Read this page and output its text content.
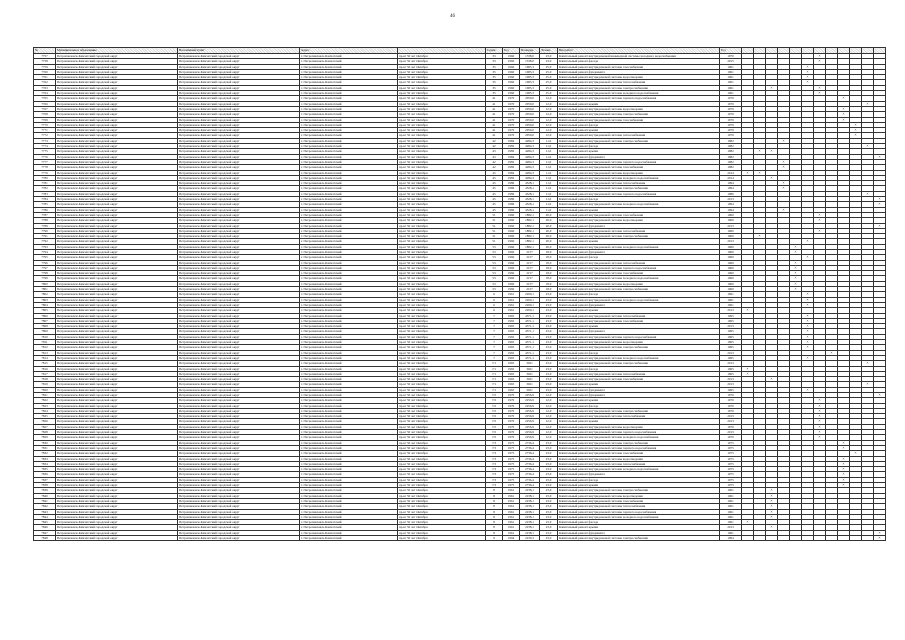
46
№	Муниципальное образование	Населённый пункт	Адрес		Серия	Год	Площадь	Этажн.	Вид работ	Год												
7757	Петропавловск-Камчатский городской округ	Петропавловск-Камчатский городской округ	г. Петропавловск-Камчатский	пр-кт 50 лет Октября	33	1960	1338,0	23,0	Капитальный ремонт внутридомовой инженерной системы холодного водоснабжения	1970							×					
7758	Петропавловск-Камчатский городской округ	Петропавловск-Камчатский городской округ	г. Петропавловск-Камчатский	пр-кт 50 лет Октября	33	1960	1338,0	23,0	Капитальный ремонт фасада	2015							×					
7759	Петропавловск-Камчатский городской округ	Петропавловск-Камчатский городской округ	г. Петропавловск-Камчатский	пр-кт 50 лет Октября	35	1960	1685,3	25,0	Капитальный ремонт внутридомовой системы газоснабжения	1961						×						
7760	Петропавловск-Камчатский городской округ	Петропавловск-Камчатский городской округ	г. Петропавловск-Камчатский	пр-кт 50 лет Октября	35	1960	1685,3	25,0	Капитальный ремонт фундамента	1961						×						
7761	Петропавловск-Камчатский городской округ	Петропавловск-Камчатский городской округ	г. Петропавловск-Камчатский	пр-кт 50 лет Октября	35	1960	1685,3	25,0	Капитальный ремонт внутридомовой системы водоотведения	1961						×						
7762	Петропавловск-Камчатский городской округ	Петропавловск-Камчатский городской округ	г. Петропавловск-Камчатский	пр-кт 50 лет Октября	35	1960	1685,3	25,0	Капитальный ремонт внутридомовой системы теплоснабжения	1961						×						
7763	Петропавловск-Камчатский городской округ	Петропавловск-Камчатский городской округ	г. Петропавловск-Камчатский	пр-кт 50 лет Октября	35	1960	1685,3	25,0	Капитальный ремонт внутридомовой системы электроснабжения	1961			×				×					
7764	Петропавловск-Камчатский городской округ	Петропавловск-Камчатский городской округ	г. Петропавловск-Камчатский	пр-кт 50 лет Октября	35	1960	1685,3	25,0	Капитальный ремонт внутридомовой системы холодного водоснабжения	1961							×					
7765	Петропавловск-Камчатский городской округ	Петропавловск-Камчатский городской округ	г. Петропавловск-Камчатский	пр-кт 50 лет Октября	41	1970	2050,0	12,0	Капитальный ремонт внутридомовой системы горячего водоснабжения	1979									×			
7766	Петропавловск-Камчатский городской округ	Петропавловск-Камчатский городской округ	г. Петропавловск-Камчатский	пр-кт 50 лет Октября	41	1970	2050,0	12,0	Капитальный ремонт крыши	1979											×	
7767	Петропавловск-Камчатский городской округ	Петропавловск-Камчатский городской округ	г. Петропавловск-Камчатский	пр-кт 50 лет Октября	41	1970	2050,0	12,0	Капитальный ремонт внутридомовой системы водоотведения	1979									×			
7768	Петропавловск-Камчатский городской округ	Петропавловск-Камчатский городской округ	г. Петропавловск-Камчатский	пр-кт 50 лет Октября	41	1970	2050,0	12,0	Капитальный ремонт внутридомовой системы электроснабжения	1979									×			
7769	Петропавловск-Камчатский городской округ	Петропавловск-Камчатский городской округ	г. Петропавловск-Камчатский	пр-кт 50 лет Октября	41	1970	2050,0	12,0	Капитальный ремонт внутридомовой системы газоснабжения	1979									×			
7770	Петропавловск-Камчатский городской округ	Петропавловск-Камчатский городской округ	г. Петропавловск-Камчатский	пр-кт 50 лет Октября	41	1970	2050,0	12,0	Капитальный ремонт фасада	1979										×		
7771	Петропавловск-Камчатский городской округ	Петропавловск-Камчатский городской округ	г. Петропавловск-Камчатский	пр-кт 50 лет Октября	41	1970	2050,0	12,0	Капитальный ремонт крыши	1979										×		
7772	Петропавловск-Камчатский городской округ	Петропавловск-Камчатский городской округ	г. Петропавловск-Камчатский	пр-кт 50 лет Октября	41	1970	2050,0	12,0	Капитальный ремонт внутридомовой системы теплоснабжения	1979										×		
7773	Петропавловск-Камчатский городской округ	Петропавловск-Камчатский городской округ	г. Петропавловск-Камчатский	пр-кт 50 лет Октября	42	1982	4284,3	11,0	Капитальный ремонт внутридомовой системы электроснабжения	1982				×								
7774	Петропавловск-Камчатский городской округ	Петропавловск-Камчатский городской округ	г. Петропавловск-Камчатский	пр-кт 50 лет Октября	42	1982	4284,3	11,0	Капитальный ремонт фасада	1982											×	
7775	Петропавловск-Камчатский городской округ	Петропавловск-Камчатский городской округ	г. Петропавловск-Камчатский	пр-кт 50 лет Октября	43	1982	4284,3	11,0	Капитальный ремонт крыши	1982		×	×									
7776	Петропавловск-Камчатский городской округ	Петропавловск-Камчатский городской округ	г. Петропавловск-Камчатский	пр-кт 50 лет Октября	43	1982	4284,3	11,0	Капитальный ремонт фундамента	1982												×
7777	Петропавловск-Камчатский городской округ	Петропавловск-Камчатский городской округ	г. Петропавловск-Камчатский	пр-кт 50 лет Октября	42	1982	4284,3	11,0	Капитальный ремонт внутридомовой системы горячего водоснабжения	1982				×								
7778	Петропавловск-Камчатский городской округ	Петропавловск-Камчатский городской округ	г. Петропавловск-Камчатский	пр-кт 50 лет Октября	42	1982	4284,3	11,0	Капитальный ремонт внутридомовой системы газоснабжения	1982				×								
7779	Петропавловск-Камчатский городской округ	Петропавловск-Камчатский городской округ	г. Петропавловск-Камчатский	пр-кт 50 лет Октября	45	1982	4284,3	11,0	Капитальный ремонт внутридомовой системы водоотведения	2014	×	×										
7780	Петропавловск-Камчатский городской округ	Петропавловск-Камчатский городской округ	г. Петропавловск-Камчатский	пр-кт 50 лет Октября	45	1982	4284,3	11,0	Капитальный ремонт внутридомовой системы холодного водоснабжения	2014			×									
7781	Петропавловск-Камчатский городской округ	Петропавловск-Камчатский городской округ	г. Петропавловск-Камчатский	пр-кт 50 лет Октября	45	1986	4528,1	11,0	Капитальный ремонт внутридомовой системы теплоснабжения	1994				×								
7782	Петропавловск-Камчатский городской округ	Петропавловск-Камчатский городской округ	г. Петропавловск-Камчатский	пр-кт 50 лет Октября	45	1986	4528,1	11,0	Капитальный ремонт внутридомовой системы электроснабжения	1994				×								
7783	Петропавловск-Камчатский городской округ	Петропавловск-Камчатский городской округ	г. Петропавловск-Камчатский	пр-кт 50 лет Октября	45	1986	4528,1	11,0	Капитальный ремонт внутридомовой системы горячего водоснабжения	1986											×	
7784	Петропавловск-Камчатский городской округ	Петропавловск-Камчатский городской округ	г. Петропавловск-Камчатский	пр-кт 50 лет Октября	45	1986	4528,1	11,0	Капитальный ремонт фасада	2013												×
7785	Петропавловск-Камчатский городской округ	Петропавловск-Камчатский городской округ	г. Петропавловск-Камчатский	пр-кт 50 лет Октября	45	1986	4528,1	11,0	Капитальный ремонт внутридомовой системы холодного водоснабжения	1994												×
7786	Петропавловск-Камчатский городской округ	Петропавловск-Камчатский городской округ	г. Петропавловск-Камчатский	пр-кт 50 лет Октября	45	1986	4528,1	11,0	Капитальный ремонт крыши	1994				×								
7787	Петропавловск-Камчатский городской округ	Петропавловск-Камчатский городской округ	г. Петропавловск-Камчатский	пр-кт 50 лет Октября	51	1960	1882,1	20,0	Капитальный ремонт внутридомовой системы газоснабжения	1960							×					
7788	Петропавловск-Камчатский городской округ	Петропавловск-Камчатский городской округ	г. Петропавловск-Камчатский	пр-кт 50 лет Октября	51	1960	1882,1	20,0	Капитальный ремонт внутридомовой системы водоотведения	1960							×					
7789	Петропавловск-Камчатский городской округ	Петропавловск-Камчатский городской округ	г. Петропавловск-Камчатский	пр-кт 50 лет Октября	51	1960	1882,1	20,0	Капитальный ремонт фундамента	2013												×
7790	Петропавловск-Камчатский городской округ	Петропавловск-Камчатский городской округ	г. Петропавловск-Камчатский	пр-кт 50 лет Октября	51	1960	1882,1	20,0	Капитальный ремонт внутридомовой системы теплоснабжения	1960							×					
7791	Петропавловск-Камчатский городской округ	Петропавловск-Камчатский городской округ	г. Петропавловск-Камчатский	пр-кт 50 лет Октября	51	1960	1882,1	20,0	Капитальный ремонт внутридомовой системы электроснабжения	1960		×										
7792	Петропавловск-Камчатский городской округ	Петропавловск-Камчатский городской округ	г. Петропавловск-Камчатский	пр-кт 50 лет Октября	51	1960	1882,1	20,0	Капитальный ремонт крыши	2013						×						
7793	Петропавловск-Камчатский городской округ	Петропавловск-Камчатский городской округ	г. Петропавловск-Камчатский	пр-кт 50 лет Октября	53	1960	1882,1	20,0	Капитальный ремонт внутридомовой системы холодного водоснабжения	1960					×							
7794	Петропавловск-Камчатский городской округ	Петропавловск-Камчатский городской округ	г. Петропавловск-Камчатский	пр-кт 50 лет Октября	53	1960	2157	18,0	Капитальный ремонт фундамента	1960					×							
7795	Петропавловск-Камчатский городской округ	Петропавловск-Камчатский городской округ	г. Петропавловск-Камчатский	пр-кт 50 лет Октября	53	1960	2157	18,0	Капитальный ремонт фасада	1960						×						
7796	Петропавловск-Камчатский городской округ	Петропавловск-Камчатский городской округ	г. Петропавловск-Камчатский	пр-кт 50 лет Октября	53	1960	2157	18,0	Капитальный ремонт внутридомовой системы теплоснабжения	1960					×							
7797	Петропавловск-Камчатский городской округ	Петропавловск-Камчатский городской округ	г. Петропавловск-Камчатский	пр-кт 50 лет Октября	53	1960	2157	18,0	Капитальный ремонт внутридомовой системы горячего водоснабжения	1960					×							
7798	Петропавловск-Камчатский городской округ	Петропавловск-Камчатский городской округ	г. Петропавловск-Камчатский	пр-кт 50 лет Октября	53	1960	2157	18,0	Капитальный ремонт внутридомовой системы газоснабжения	1960					×							
7799	Петропавловск-Камчатский городской округ	Петропавловск-Камчатский городской округ	г. Петропавловск-Камчатский	пр-кт 50 лет Октября	53	1960	2157	18,0	Капитальный ремонт внутридомовой системы холодного водоснабжения	1960					×							
7800	Петропавловск-Камчатский городской округ	Петропавловск-Камчатский городской округ	г. Петропавловск-Камчатский	пр-кт 50 лет Октября	53	1960	2157	18,0	Капитальный ремонт внутридомовой системы водоотведения	1960					×							
7801	Петропавловск-Камчатский городской округ	Петропавловск-Камчатский городской округ	г. Петропавловск-Камчатский	пр-кт 50 лет Октября	53	1960	2157	18,0	Капитальный ремонт внутридомовой системы электроснабжения	1960					×							
7802	Петропавловск-Камчатский городской округ	Петропавловск-Камчатский городской округ	г. Петропавловск-Камчатский	пр-кт 50 лет Октября	6	1961	2200,1	23,0	Капитальный ремонт фасада	1961						×						
7803	Петропавловск-Камчатский городской округ	Петропавловск-Камчатский городской округ	г. Петропавловск-Камчатский	пр-кт 50 лет Октября	6	1961	2200,1	23,0	Капитальный ремонт внутридомовой системы холодного водоснабжения	1961						×						
7804	Петропавловск-Камчатский городской округ	Петропавловск-Камчатский городской округ	г. Петропавловск-Камчатский	пр-кт 50 лет Октября	6	1961	2200,1	23,0	Капитальный ремонт фундамента	1961						×						
7805	Петропавловск-Камчатский городской округ	Петропавловск-Камчатский городской округ	г. Петропавловск-Камчатский	пр-кт 50 лет Октября	6	1961	2200,1	23,0	Капитальный ремонт крыши	2013	×											
7806	Петропавловск-Камчатский городской округ	Петропавловск-Камчатский городской округ	г. Петропавловск-Камчатский	пр-кт 50 лет Октября	7	1965	4371,1	23,0	Капитальный ремонт внутридомовой системы теплоснабжения	1965						×						
7807	Петропавловск-Камчатский городской округ	Петропавловск-Камчатский городской округ	г. Петропавловск-Камчатский	пр-кт 50 лет Октября	7	1965	4371,1	23,0	Капитальный ремонт внутридомовой системы газоснабжения	1965						×						
7808	Петропавловск-Камчатский городской округ	Петропавловск-Камчатский городской округ	г. Петропавловск-Камчатский	пр-кт 50 лет Октября	7	1965	4371,1	23,0	Капитальный ремонт крыши	2013						×						
7809	Петропавловск-Камчатский городской округ	Петропавловск-Камчатский городской округ	г. Петропавловск-Камчатский	пр-кт 50 лет Октября	7	1965	4371,1	23,0	Капитальный ремонт фундамента	1965						×						
7810	Петропавловск-Камчатский городской округ	Петропавловск-Камчатский городской округ	г. Петропавловск-Камчатский	пр-кт 50 лет Октября	7	1965	4371,1	23,0	Капитальный ремонт внутридомовой системы горячего водоснабжения	1965						×						
7811	Петропавловск-Камчатский городской округ	Петропавловск-Камчатский городской округ	г. Петропавловск-Камчатский	пр-кт 50 лет Октября	7	1965	4371,1	23,0	Капитальный ремонт внутридомовой системы водоотведения	1965						×						
7812	Петропавловск-Камчатский городской округ	Петропавловск-Камчатский городской округ	г. Петропавловск-Камчатский	пр-кт 50 лет Октября	7	1965	4371,1	23,0	Капитальный ремонт внутридомовой системы электроснабжения	1965						×						
7813	Петропавловск-Камчатский городской округ	Петропавловск-Камчатский городской округ	г. Петропавловск-Камчатский	пр-кт 50 лет Октября	7	1965	4371,1	23,0	Капитальный ремонт фасада	2013								×				
7814	Петропавловск-Камчатский городской округ	Петропавловск-Камчатский городской округ	г. Петропавловск-Камчатский	пр-кт 50 лет Октября	7	1965	4371,1	23,0	Капитальный ремонт внутридомовой системы холодного водоснабжения	1965						×						
7815	Петропавловск-Камчатский городской округ	Петропавловск-Камчатский городской округ	г. Петропавловск-Камчатский	пр-кт 50 лет Октября	7/1	1965	3021	23,0	Капитальный ремонт внутридомовой системы электроснабжения	2013											×	
7816	Петропавловск-Камчатский городской округ	Петропавловск-Камчатский городской округ	г. Петропавловск-Камчатский	пр-кт 50 лет Октября	7/1	1965	3021	23,0	Капитальный ремонт фасада	1965	×											
7817	Петропавловск-Камчатский городской округ	Петропавловск-Камчатский городской округ	г. Петропавловск-Камчатский	пр-кт 50 лет Октября	7/1	1965	3021	23,0	Капитальный ремонт внутридомовой системы теплоснабжения	1965	×											
7818	Петропавловск-Камчатский городской округ	Петропавловск-Камчатский городской округ	г. Петропавловск-Камчатский	пр-кт 50 лет Октября	7/1	1965	3021	23,0	Капитальный ремонт внутридомовой системы газоснабжения	2013			×									
7819	Петропавловск-Камчатский городской округ	Петропавловск-Камчатский городской округ	г. Петропавловск-Камчатский	пр-кт 50 лет Октября	7/1	1965	3021	23,0	Капитальный ремонт крыши	2013											×	
7820	Петропавловск-Камчатский городской округ	Петропавловск-Камчатский городской округ	г. Петропавловск-Камчатский	пр-кт 50 лет Октября	7/1	1965	3021	23,0	Капитальный ремонт фундамента	1965						×						
7821	Петропавловск-Камчатский городской округ	Петропавловск-Камчатский городской округ	г. Петропавловск-Камчатский	пр-кт 50 лет Октября	7/2	1970	2256,9	12,0	Капитальный ремонт фундамента	1970												×
7822	Петропавловск-Камчатский городской округ	Петропавловск-Камчатский городской округ	г. Петропавловск-Камчатский	пр-кт 50 лет Октября	7/2	1970	2256,9	12,0	Капитальный ремонт крыши	1970							×					
7823	Петропавловск-Камчатский городской округ	Петропавловск-Камчатский городской округ	г. Петропавловск-Камчатский	пр-кт 50 лет Октября	7/2	1970	2256,9	12,0	Капитальный ремонт фасада	1970							×					
7824	Петропавловск-Камчатский городской округ	Петропавловск-Камчатский городской округ	г. Петропавловск-Камчатский	пр-кт 50 лет Октября	7/2	1970	2256,9	12,0	Капитальный ремонт внутридомовой системы электроснабжения	1970							×					
7825	Петропавловск-Камчатский городской округ	Петропавловск-Камчатский городской округ	г. Петропавловск-Камчатский	пр-кт 50 лет Октября	7/2	1970	2256,9	12,0	Капитальный ремонт внутридомовой системы теплоснабжения	2013							×					
7826	Петропавловск-Камчатский городской округ	Петропавловск-Камчатский городской округ	г. Петропавловск-Камчатский	пр-кт 50 лет Октября	7/2	1970	2256,9	12,0	Капитальный ремонт крыши	2013							×					
7827	Петропавловск-Камчатский городской округ	Петропавловск-Камчатский городской округ	г. Петропавловск-Камчатский	пр-кт 50 лет Октября	7/2	1970	2256,9	12,0	Капитальный ремонт внутридомовой системы водоотведения	1970							×					
7828	Петропавловск-Камчатский городской округ	Петропавловск-Камчатский городской округ	г. Петропавловск-Камчатский	пр-кт 50 лет Октября	7/2	1970	2256,9	12,0	Капитальный ремонт внутридомовой системы горячего водоснабжения	2013							×					
7829	Петропавловск-Камчатский городской округ	Петропавловск-Камчатский городской округ	г. Петропавловск-Камчатский	пр-кт 50 лет Октября	7/2	1970	2256,9	12,0	Капитальный ремонт внутридомовой системы холодного водоснабжения	1970							×					
7830	Петропавловск-Камчатский городской округ	Петропавловск-Камчатский городской округ	г. Петропавловск-Камчатский	пр-кт 50 лет Октября	7/3	1975	2736,4	23,0	Капитальный ремонт внутридомовой системы электроснабжения	1975									×			
7831	Петропавловск-Камчатский городской округ	Петропавловск-Камчатский городской округ	г. Петропавловск-Камчатский	пр-кт 50 лет Октября	7/3	1975	2736,4	23,0	Капитальный ремонт внутридомовой системы горячего водоснабжения	1975									×			
7832	Петропавловск-Камчатский городской округ	Петропавловск-Камчатский городской округ	г. Петропавловск-Камчатский	пр-кт 50 лет Октября	7/3	1975	2736,4	23,0	Капитальный ремонт внутридомовой системы газоснабжения	1975										×		
7833	Петропавловск-Камчатский городской округ	Петропавловск-Камчатский городской округ	г. Петропавловск-Камчатский	пр-кт 50 лет Октября	7/3	1975	2736,4	23,0	Капитальный ремонт внутридомовой системы водоотведения	1975									×			
7834	Петропавловск-Камчатский городской округ	Петропавловск-Камчатский городской округ	г. Петропавловск-Камчатский	пр-кт 50 лет Октября	7/3	1975	2736,4	23,0	Капитальный ремонт внутридомовой системы теплоснабжения	1975									×			
7835	Петропавловск-Камчатский городской округ	Петропавловск-Камчатский городской округ	г. Петропавловск-Камчатский	пр-кт 50 лет Октября	7/3	1975	2736,4	23,0	Капитальный ремонт внутридомовой системы холодного водоснабжения	1975									×			
7836	Петропавловск-Камчатский городской округ	Петропавловск-Камчатский городской округ	г. Петропавловск-Камчатский	пр-кт 50 лет Октября	7/3	1975	2736,4	23,0	Капитальный ремонт фундамента	1975									×			
7837	Петропавловск-Камчатский городской округ	Петропавловск-Камчатский городской округ	г. Петропавловск-Камчатский	пр-кт 50 лет Октября	7/3	1975	2736,4	23,0	Капитальный ремонт фасада	1975									×			
7838	Петропавловск-Камчатский городской округ	Петропавловск-Камчатский городской округ	г. Петропавловск-Камчатский	пр-кт 50 лет Октября	7/3	1975	2736,4	23,0	Капитальный ремонт крыши	1975									×			
7839	Петропавловск-Камчатский городской округ	Петропавловск-Камчатский городской округ	г. Петропавловск-Камчатский	пр-кт 50 лет Октября	8	1961	2238,1	23,0	Капитальный ремонт внутридомовой системы электроснабжения	1961			×									
7840	Петропавловск-Камчатский городской округ	Петропавловск-Камчатский городской округ	г. Петропавловск-Камчатский	пр-кт 50 лет Октября	8	1961	2238,1	23,0	Капитальный ремонт внутридомовой системы водоотведения	1961			×									
7841	Петропавловск-Камчатский городской округ	Петропавловск-Камчатский городской округ	г. Петропавловск-Камчатский	пр-кт 50 лет Октября	8	1961	2238,1	23,0	Капитальный ремонт внутридомовой системы газоснабжения	1961			×									
7842	Петропавловск-Камчатский городской округ	Петропавловск-Камчатский городской округ	г. Петропавловск-Камчатский	пр-кт 50 лет Октября	8	1961	2238,1	23,0	Капитальный ремонт внутридомовой системы теплоснабжения	1961			×									
7843	Петропавловск-Камчатский городской округ	Петропавловск-Камчатский городской округ	г. Петропавловск-Камчатский	пр-кт 50 лет Октября	8	1961	2238,1	23,0	Капитальный ремонт внутридомовой системы горячего водоснабжения	1961			×									
7844	Петропавловск-Камчатский городской округ	Петропавловск-Камчатский городской округ	г. Петропавловск-Камчатский	пр-кт 50 лет Октября	8	1961	2238,1	23,0	Капитальный ремонт внутридомовой системы холодного водоснабжения	1961			×									
7845	Петропавловск-Камчатский городской округ	Петропавловск-Камчатский городской округ	г. Петропавловск-Камчатский	пр-кт 50 лет Октября	8	1961	2238,1	23,0	Капитальный ремонт фасада	1961	×											
7846	Петропавловск-Камчатский городской округ	Петропавловск-Камчатский городской округ	г. Петропавловск-Камчатский	пр-кт 50 лет Октября	8	1961	2238,1	23,0	Капитальный ремонт крыши	2013			×									
7847	Петропавловск-Камчатский городской округ	Петропавловск-Камчатский городской округ	г. Петропавловск-Камчатский	пр-кт 50 лет Октября	8	1961	2238,1	23,0	Капитальный ремонт фундамента	1961												×
7848	Петропавловск-Камчатский городской округ	Петропавловск-Камчатский городской округ	г. Петропавловск-Камчатский	пр-кт 50 лет Октября	9	1994	2230,3	23,0	Капитальный ремонт внутридомовой системы электроснабжения	1994												×
